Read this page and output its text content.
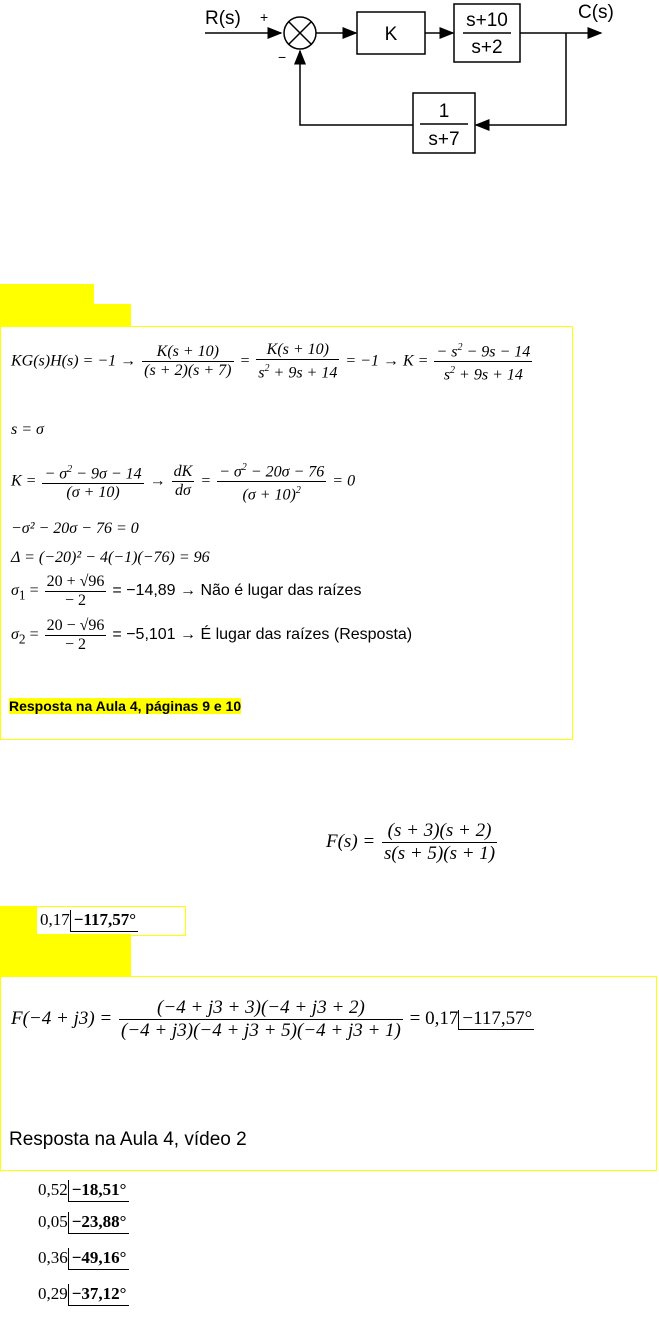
R(s) +
−
K
s+10
s+2
C(s)
1
s+7
$KG(s)H(s) = -1 \to \frac{K(s + 10)}{(s + 2)(s + 7)} = \frac{K(s + 10)}{s^2 + 9s + 14} = -1 \to K = \frac{- s^2 - 9s - 14}{s^2 + 9s + 14}$
s = σ
$K = \frac{- \sigma^2 - 9\sigma - 14}{(\sigma + 10)} \to \frac{dK}{d\sigma} = \frac{- \sigma^2 - 20\sigma - 76}{(\sigma + 10)^2} = 0$
−σ² − 20σ − 76 = 0
Δ = (−20)² − 4(−1)(−76) = 96
$\sigma_1 = \frac{20 + √96}{- 2} = -14,89$ → Não é lugar das raízes
$\sigma_2 = \frac{20 - √96}{- 2} = -5,101$ → É lugar das raízes (Resposta)
Resposta na Aula 4, páginas 9 e 10
$F(s) = \frac{(s + 3)(s + 2)}{s(s + 5)(s + 1)}$
0,17 −117,57°
$F(-4 + j3) = \frac{(-4 + j3 + 3)(-4 + j3 + 2)}{(-4 + j3)(-4 + j3 + 5)(-4 + j3 + 1)} = 0,17 -117,57^\circ$
Resposta na Aula 4, vídeo 2
0,52 −18,51°
0,05 −23,88°
0,36 −49,16°
0,29 −37,12°
